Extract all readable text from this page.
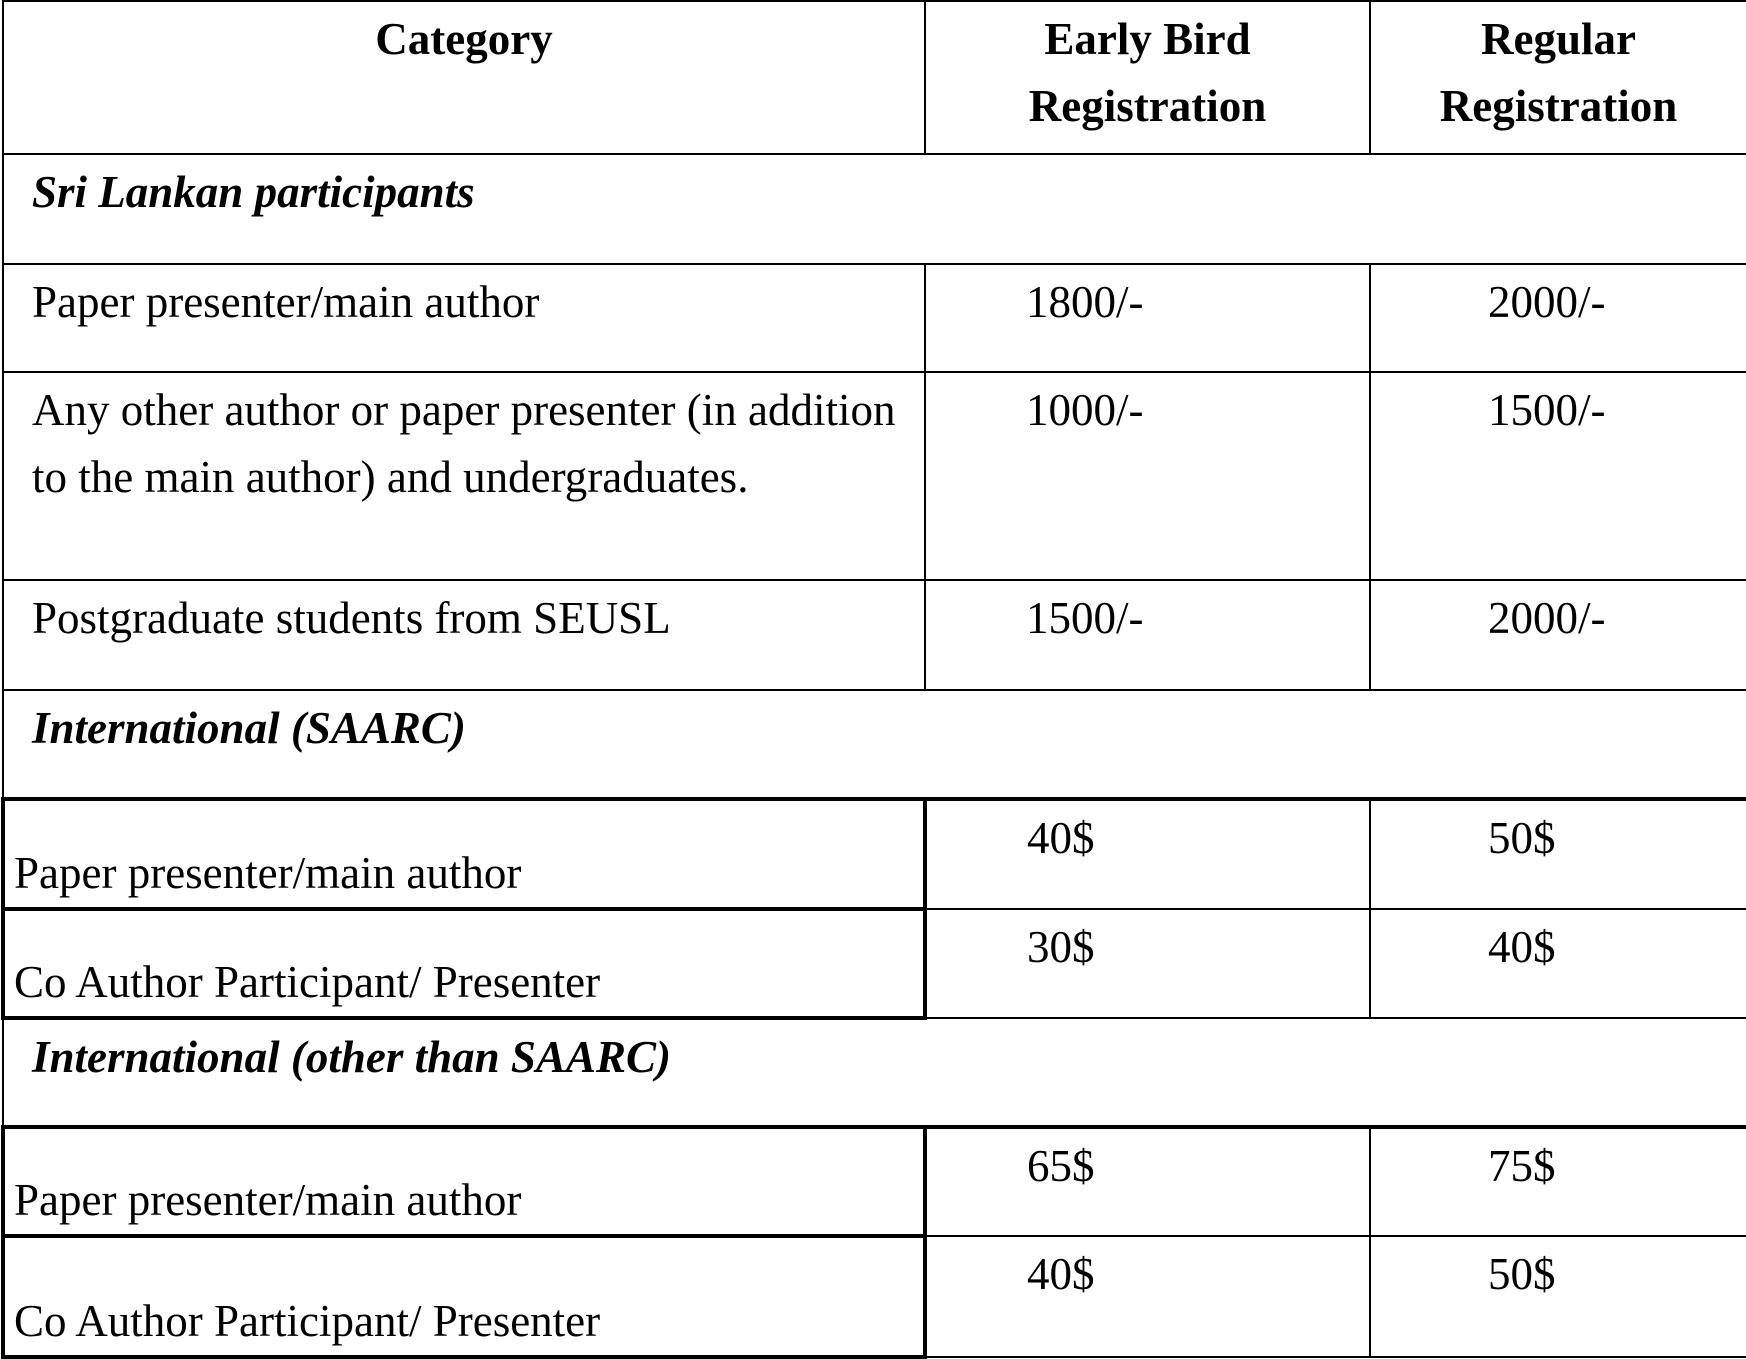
Category	Early Bird Registration	Regular Registration
Sri Lankan participants		
Paper presenter/main author	1800/-	2000/-
Any other author or paper presenter (in addition to the main author) and undergraduates.	1000/-	1500/-
Postgraduate students from SEUSL	1500/-	2000/-
International (SAARC)		
Paper presenter/main author	40$	50$
Co Author Participant/ Presenter	30$	40$
International (other than SAARC)		
Paper presenter/main author	65$	75$
Co Author Participant/ Presenter	40$	50$
